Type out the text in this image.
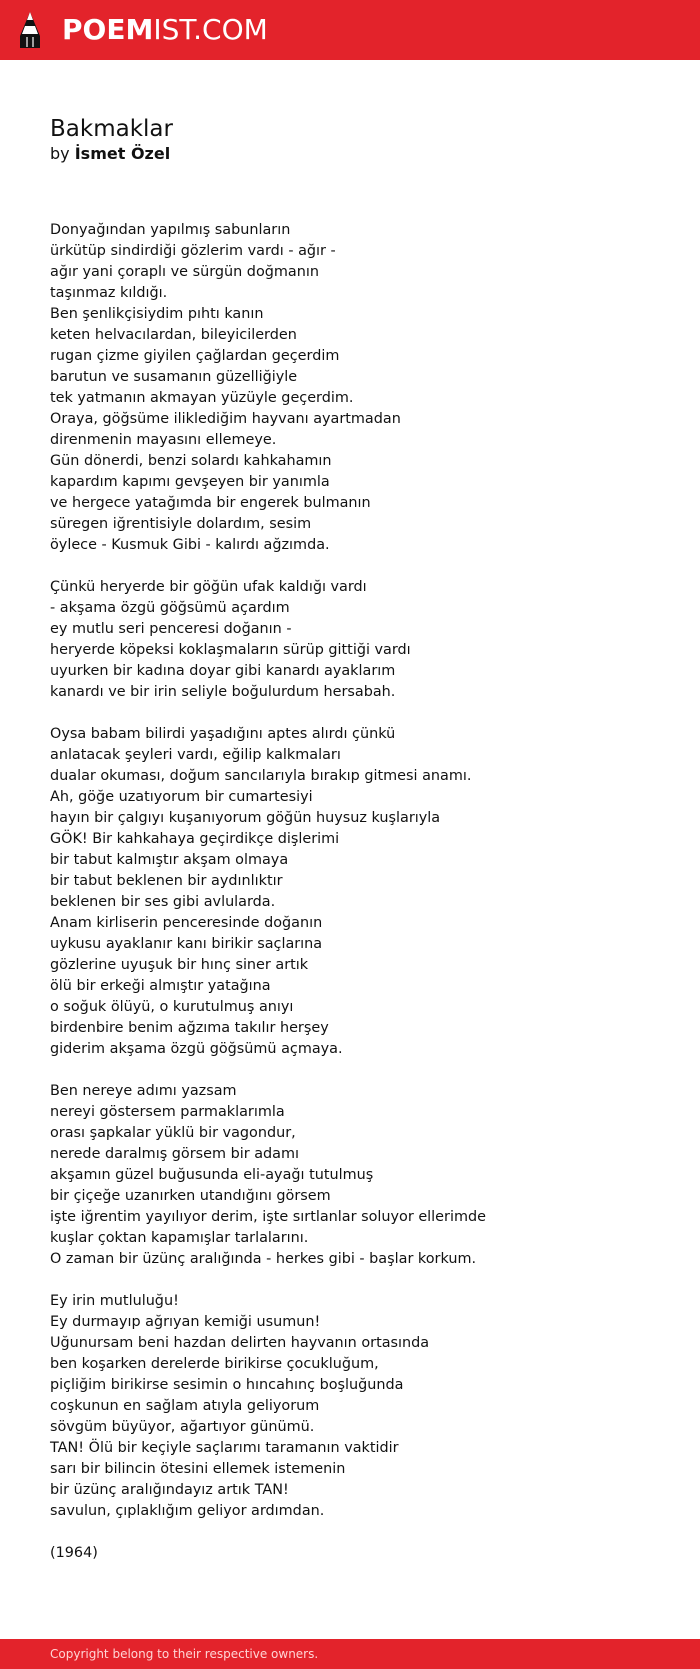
POEMIST.COM
Bakmaklar
by İsmet Özel
Donyağından yapılmış sabunların
ürkütüp sindirdiği gözlerim vardı - ağır -
ağır yani çoraplı ve sürgün doğmanın
taşınmaz kıldığı.
Ben şenlikçisiydim pıhtı kanın
keten helvacılardan, bileyicilerden
rugan çizme giyilen çağlardan geçerdim
barutun ve susamanın güzelliğiyle
tek yatmanın akmayan yüzüyle geçerdim.
Oraya, göğsüme iliklediğim hayvanı ayartmadan
direnmenin mayasını ellemeye.
Gün dönerdi, benzi solardı kahkahamın
kapardım kapımı gevşeyen bir yanımla
ve hergece yatağımda bir engerek bulmanın
süregen iğrentisiyle dolardım, sesim
öylece - Kusmuk Gibi - kalırdı ağzımda.
Çünkü heryerde bir göğün ufak kaldığı vardı
- akşama özgü göğsümü açardım
ey mutlu seri penceresi doğanın -
heryerde köpeksi koklaşmaların sürüp gittiği vardı
uyurken bir kadına doyar gibi kanardı ayaklarım
kanardı ve bir irin seliyle boğulurdum hersabah.
Oysa babam bilirdi yaşadığını aptes alırdı çünkü
anlatacak şeyleri vardı, eğilip kalkmaları
dualar okuması, doğum sancılarıyla bırakıp gitmesi anamı.
Ah, göğe uzatıyorum bir cumartesiyi
hayın bir çalgıyı kuşanıyorum göğün huysuz kuşlarıyla
GÖK! Bir kahkahaya geçirdikçe dişlerimi
bir tabut kalmıştır akşam olmaya
bir tabut beklenen bir aydınlıktır
beklenen bir ses gibi avlularda.
Anam kirliserin penceresinde doğanın
uykusu ayaklanır kanı birikir saçlarına
gözlerine uyuşuk bir hınç siner artık
ölü bir erkeği almıştır yatağına
o soğuk ölüyü, o kurutulmuş anıyı
birdenbire benim ağzıma takılır herşey
giderim akşama özgü göğsümü açmaya.
Ben nereye adımı yazsam
nereyi göstersem parmaklarımla
orası şapkalar yüklü bir vagondur,
nerede daralmış görsem bir adamı
akşamın güzel buğusunda eli-ayağı tutulmuş
bir çiçeğe uzanırken utandığını görsem
işte iğrentim yayılıyor derim, işte sırtlanlar soluyor ellerimde
kuşlar çoktan kapamışlar tarlalarını.
O zaman bir üzünç aralığında - herkes gibi - başlar korkum.
Ey irin mutluluğu!
Ey durmayıp ağrıyan kemiği usumun!
Uğunursam beni hazdan delirten hayvanın ortasında
ben koşarken derelerde birikirse çocukluğum,
piçliğim birikirse sesimin o hıncahınç boşluğunda
coşkunun en sağlam atıyla geliyorum
sövgüm büyüyor, ağartıyor günümü.
TAN! Ölü bir keçiyle saçlarımı taramanın vaktidir
sarı bir bilincin ötesini ellemek istemenin
bir üzünç aralığındayız artık TAN!
savulun, çıplaklığım geliyor ardımdan.
(1964)
Copyright belong to their respective owners.
